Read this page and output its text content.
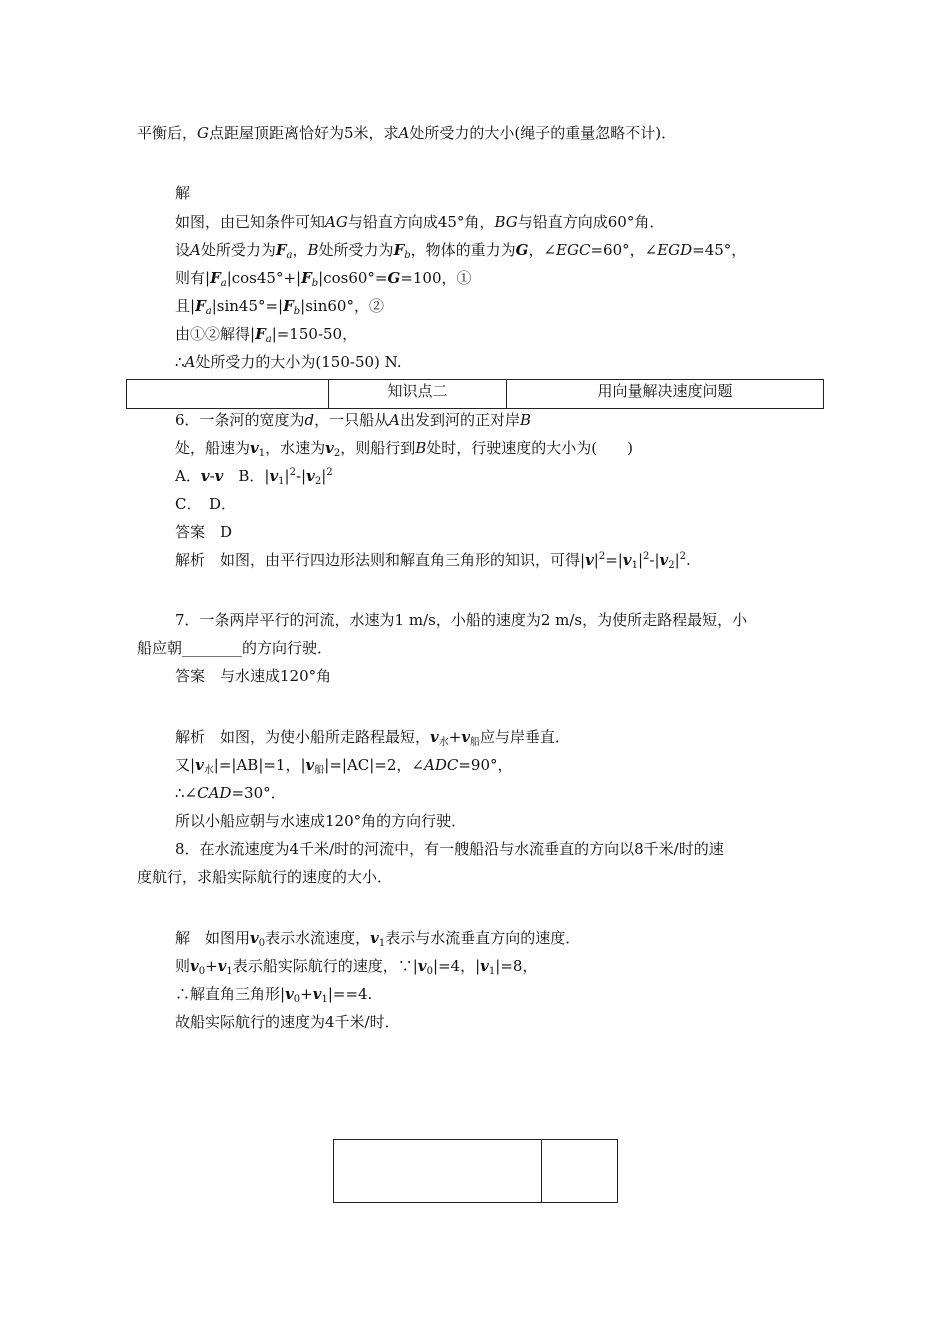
平衡后，G点距屋顶距离恰好为5米，求A处所受力的大小(绳子的重量忽略不计)．
解
如图，由已知条件可知AG与铅直方向成45°角，BG与铅直方向成60°角．
设A处所受力为$F_a$，B处所受力为$F_b$，物体的重力为G，∠EGC=60°，∠EGD=45°，
则有$|F_a|\cos 45^\circ+|F_b|\cos 60^\circ=G=100$，①
且$|F_a|\sin 45^\circ=|F_b|\sin 60^\circ$，②
由①②解得$|F_a|=150-50$，
∴A处所受力的大小为(150-50) N.
	知识点二	用向量解决速度问题
6．一条河的宽度为d，一只船从A出发到河的正对岸B
处，船速为$v_1$，水速为$v_2$，则船行到B处时，行驶速度的大小为(　　)
A．v-v　B．$|v_1|^2-|v_2|^2$
C．　D．
答案　D
解析　如图，由平行四边形法则和解直角三角形的知识，可得$|v|^2=|v_1|^2-|v_2|^2$.
7．一条两岸平行的河流，水速为1 m/s，小船的速度为2 m/s，为使所走路程最短，小
船应朝________的方向行驶．
答案　与水速成120°角
解析　如图，为使小船所走路程最短，$v_水+v_船$应与岸垂直．
又$|v_水|=|AB|=1$，$|v_船|=|AC|=2$，∠ADC=90°，
∴∠CAD=30°．
所以小船应朝与水速成120°角的方向行驶．
8．在水流速度为4千米/时的河流中，有一艘船沿与水流垂直的方向以8千米/时的速
度航行，求船实际航行的速度的大小．
解　如图用$v_0$表示水流速度，$v_1$表示与水流垂直方向的速度．
则$v_0+v_1$表示船实际航行的速度，$\because|v_0|=4$，$|v_1|=8$，
∴解直角三角形$|v_0+v_1|==4$.
故船实际航行的速度为4千米/时．
